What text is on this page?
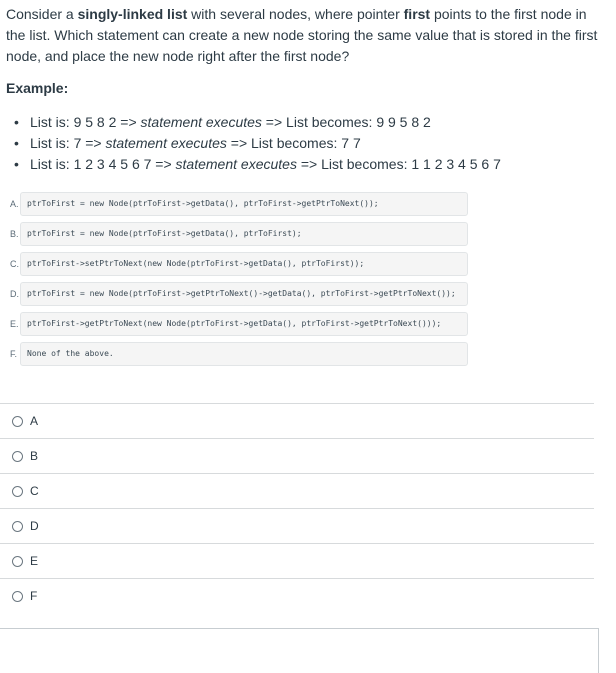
Consider a singly-linked list with several nodes, where pointer first points to the first node in the list. Which statement can create a new node storing the same value that is stored in the first node, and place the new node right after the first node?
Example:
• List is: 9 5 8 2 => statement executes => List becomes: 9 9 5 8 2
• List is: 7 => statement executes => List becomes: 7 7
• List is: 1 2 3 4 5 6 7 => statement executes => List becomes: 1 1 2 3 4 5 6 7
A.	ptrToFirst = new Node(ptrToFirst->getData(), ptrToFirst->getPtrToNext());
B.	ptrToFirst = new Node(ptrToFirst->getData(), ptrToFirst);
C.	ptrToFirst->setPtrToNext(new Node(ptrToFirst->getData(), ptrToFirst));
D.	ptrToFirst = new Node(ptrToFirst->getPtrToNext()->getData(), ptrToFirst->getPtrToNext());
E.	ptrToFirst->getPtrToNext(new Node(ptrToFirst->getData(), ptrToFirst->getPtrToNext()));
F.	None of the above.
A
B
C
D
E
F
